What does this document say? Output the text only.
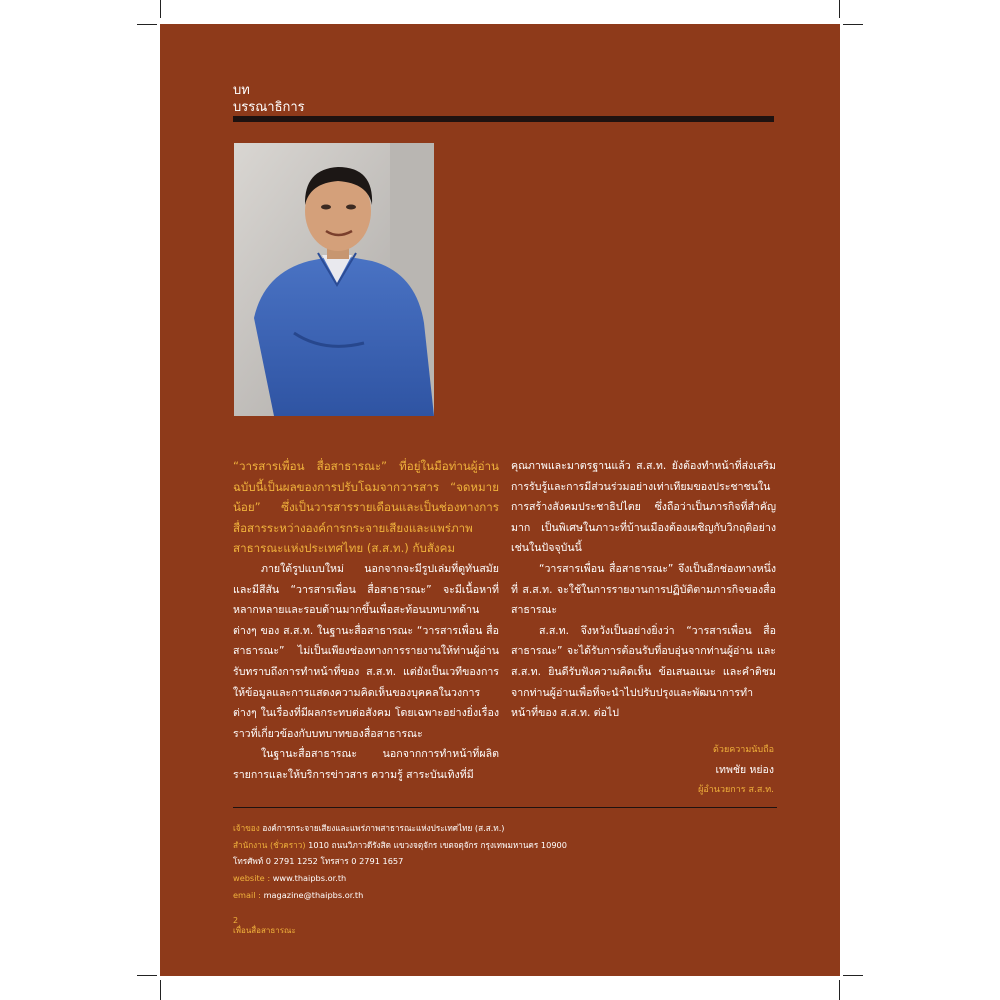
บท
บรรณาธิการ

“วารสารเพื่อน สื่อสาธารณะ” ที่อยู่ในมือท่านผู้อ่านฉบับนี้เป็นผลของการปรับโฉมจากวารสาร “จดหมายน้อย” ซึ่งเป็นวารสารรายเดือนและเป็นช่องทางการสื่อสารระหว่างองค์การกระจายเสียงและแพร่ภาพสาธารณะแห่งประเทศไทย (ส.ส.ท.) กับสังคม

ภายใต้รูปแบบใหม่ นอกจากจะมีรูปเล่มที่ดูทันสมัยและมีสีสัน “วารสารเพื่อน สื่อสาธารณะ” จะมีเนื้อหาที่หลากหลายและรอบด้านมากขึ้นเพื่อสะท้อนบทบาทด้านต่างๆ ของ ส.ส.ท. ในฐานะสื่อสาธารณะ “วารสารเพื่อน สื่อสาธารณะ” ไม่เป็นเพียงช่องทางการรายงานให้ท่านผู้อ่านรับทราบถึงการทำหน้าที่ของ ส.ส.ท. แต่ยังเป็นเวทีของการให้ข้อมูลและการแสดงความคิดเห็นของบุคคลในวงการต่างๆ ในเรื่องที่มีผลกระทบต่อสังคม โดยเฉพาะอย่างยิ่งเรื่องราวที่เกี่ยวข้องกับบทบาทของสื่อสาธารณะ

ในฐานะสื่อสาธารณะ นอกจากการทำหน้าที่ผลิตรายการและให้บริการข่าวสาร ความรู้ สาระบันเทิงที่มี

คุณภาพและมาตรฐานแล้ว ส.ส.ท. ยังต้องทำหน้าที่ส่งเสริมการรับรู้และการมีส่วนร่วมอย่างเท่าเทียมของประชาชนในการสร้างสังคมประชาธิปไตย ซึ่งถือว่าเป็นภารกิจที่สำคัญมาก เป็นพิเศษในภาวะที่บ้านเมืองต้องเผชิญกับวิกฤติอย่างเช่นในปัจจุบันนี้

“วารสารเพื่อน สื่อสาธารณะ” จึงเป็นอีกช่องทางหนึ่งที่ ส.ส.ท. จะใช้ในการรายงานการปฏิบัติตามภารกิจของสื่อสาธารณะ

ส.ส.ท. จึงหวังเป็นอย่างยิ่งว่า “วารสารเพื่อน สื่อสาธารณะ” จะได้รับการต้อนรับที่อบอุ่นจากท่านผู้อ่าน และ ส.ส.ท. ยินดีรับฟังความคิดเห็น ข้อเสนอแนะ และคำติชมจากท่านผู้อ่านเพื่อที่จะนำไปปรับปรุงและพัฒนาการทำหน้าที่ของ ส.ส.ท. ต่อไป

ด้วยความนับถือ
เทพชัย หย่อง
ผู้อำนวยการ ส.ส.ท.
เจ้าของ องค์การกระจายเสียงและแพร่ภาพสาธารณะแห่งประเทศไทย (ส.ส.ท.)
สำนักงาน (ชั่วคราว) 1010 ถนนวิภาวดีรังสิต แขวงจตุจักร เขตจตุจักร กรุงเทพมหานคร 10900
โทรศัพท์ 0 2791 1252 โทรสาร 0 2791 1657
website : www.thaipbs.or.th
email : magazine@thaipbs.or.th
2
เพื่อนสื่อสาธารณะ
